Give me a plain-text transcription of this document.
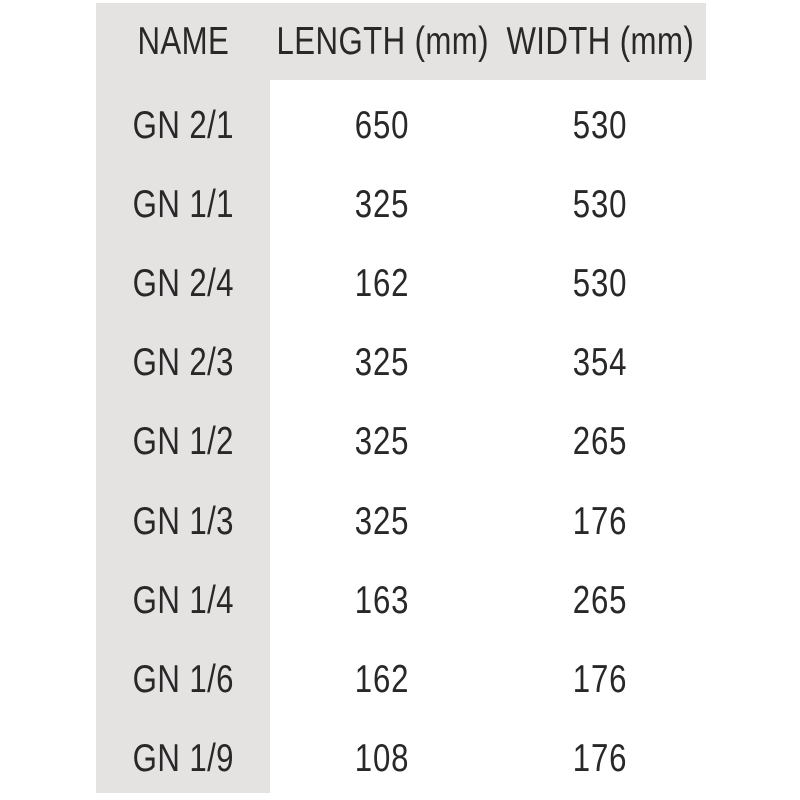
NAME LENGTH (mm) WIDTH (mm)
GN 2/1	650	530
GN 1/1	325	530
GN 2/4	162	530
GN 2/3	325	354
GN 1/2	325	265
GN 1/3	325	176
GN 1/4	163	265
GN 1/6	162	176
GN 1/9	108	176
